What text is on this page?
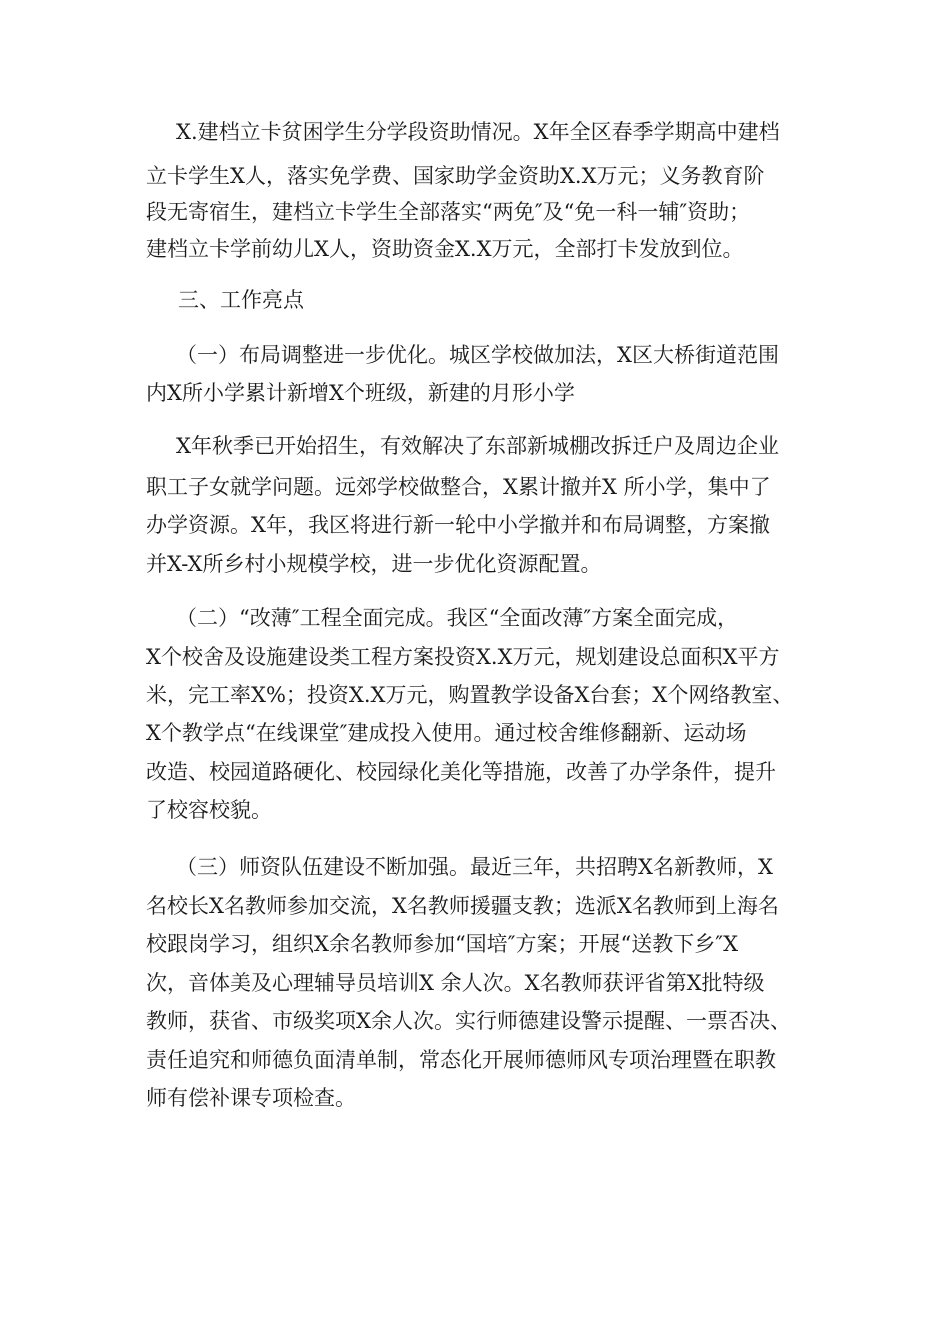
X.建档立卡贫困学生分学段资助情况。X年全区春季学期高中建档
立卡学生X人，落实免学费、国家助学金资助X.X万元；义务教育阶
段无寄宿生，建档立卡学生全部落实“两免″及“免一科一辅″资助；
建档立卡学前幼儿X人，资助资金X.X万元，全部打卡发放到位。
三、工作亮点
（一）布局调整进一步优化。城区学校做加法，X区大桥街道范围
内X所小学累计新增X个班级，新建的月形小学
X年秋季已开始招生，有效解决了东部新城棚改拆迁户及周边企业
职工子女就学问题。远郊学校做整合，X累计撤并X 所小学，集中了
办学资源。X年，我区将进行新一轮中小学撤并和布局调整，方案撤
并X-X所乡村小规模学校，进一步优化资源配置。
（二）“改薄″工程全面完成。我区“全面改薄″方案全面完成，
X个校舍及设施建设类工程方案投资X.X万元，规划建设总面积X平方
米，完工率X%；投资X.X万元，购置教学设备X台套；X个网络教室、
X个教学点“在线课堂″建成投入使用。通过校舍维修翻新、运动场
改造、校园道路硬化、校园绿化美化等措施，改善了办学条件，提升
了校容校貌。
（三）师资队伍建设不断加强。最近三年，共招聘X名新教师，X
名校长X名教师参加交流，X名教师援疆支教；选派X名教师到上海名
校跟岗学习，组织X余名教师参加“国培″方案；开展“送教下乡″X
次，音体美及心理辅导员培训X 余人次。X名教师获评省第X批特级
教师，获省、市级奖项X余人次。实行师德建设警示提醒、一票否决、
责任追究和师德负面清单制，常态化开展师德师风专项治理暨在职教
师有偿补课专项检查。
